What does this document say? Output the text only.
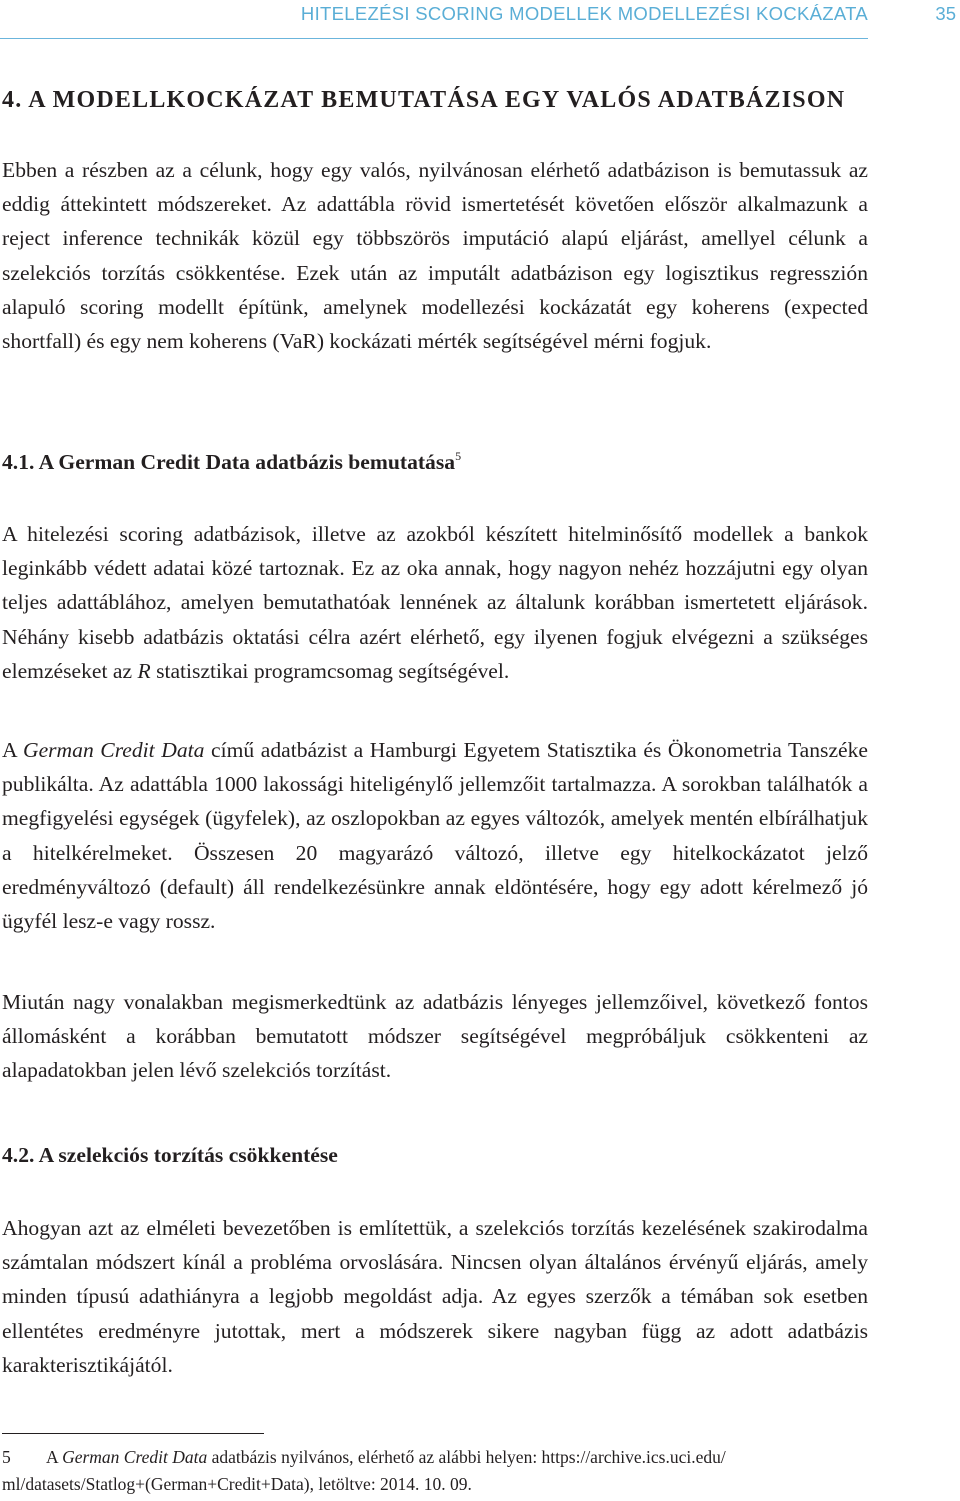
HITELEZÉSI SCORING MODELLEK MODELLEZÉSI KOCKÁZATA	35
4. A MODELLKOCKÁZAT BEMUTATÁSA EGY VALÓS ADATBÁZISON
Ebben a részben az a célunk, hogy egy valós, nyilvánosan elérhető adatbázison is bemutassuk az eddig áttekintett módszereket. Az adattábla rövid ismertetését követően először alkalmazunk a reject inference technikák közül egy többszörös imputáció alapú eljárást, amellyel célunk a szelekciós torzítás csökkentése. Ezek után az imputált adatbázison egy logisztikus regresszión alapuló scoring modellt építünk, amelynek modellezési kockázatát egy koherens (expected shortfall) és egy nem koherens (VaR) kockázati mérték segítségével mérni fogjuk.
4.1. A German Credit Data adatbázis bemutatása$^5$
A hitelezési scoring adatbázisok, illetve az azokból készített hitelminősítő modellek a bankok leginkább védett adatai közé tartoznak. Ez az oka annak, hogy nagyon nehéz hozzájutni egy olyan teljes adattáblához, amelyen bemutathatóak lennének az általunk korábban ismertetett eljárások. Néhány kisebb adatbázis oktatási célra azért elérhető, egy ilyenen fogjuk elvégezni a szükséges elemzéseket az R statisztikai programcsomag segítségével.
A German Credit Data című adatbázist a Hamburgi Egyetem Statisztika és Ökonometria Tanszéke publikálta. Az adattábla 1000 lakossági hiteligénylő jellemzőit tartalmazza. A sorokban találhatók a megfigyelési egységek (ügyfelek), az oszlopokban az egyes változók, amelyek mentén elbírálhatjuk a hitelkérelmeket. Összesen 20 magyarázó változó, illetve egy hitelkockázatot jelző eredményváltozó (default) áll rendelkezésünkre annak eldöntésére, hogy egy adott kérelmező jó ügyfél lesz-e vagy rossz.
Miután nagy vonalakban megismerkedtünk az adatbázis lényeges jellemzőivel, következő fontos állomásként a korábban bemutatott módszer segítségével megpróbáljuk csökkenteni az alapadatokban jelen lévő szelekciós torzítást.
4.2. A szelekciós torzítás csökkentése
Ahogyan azt az elméleti bevezetőben is említettük, a szelekciós torzítás kezelésének szakirodalma számtalan módszert kínál a probléma orvoslására. Nincsen olyan általános érvényű eljárás, amely minden típusú adathiányra a legjobb megoldást adja. Az egyes szerzők a témában sok esetben ellentétes eredményre jutottak, mert a módszerek sikere nagyban függ az adott adatbázis karakterisztikájától.
5 A German Credit Data adatbázis nyilvános, elérhető az alábbi helyen: https://archive.ics.uci.edu/ ml/datasets/Statlog+(German+Credit+Data), letöltve: 2014. 10. 09.
